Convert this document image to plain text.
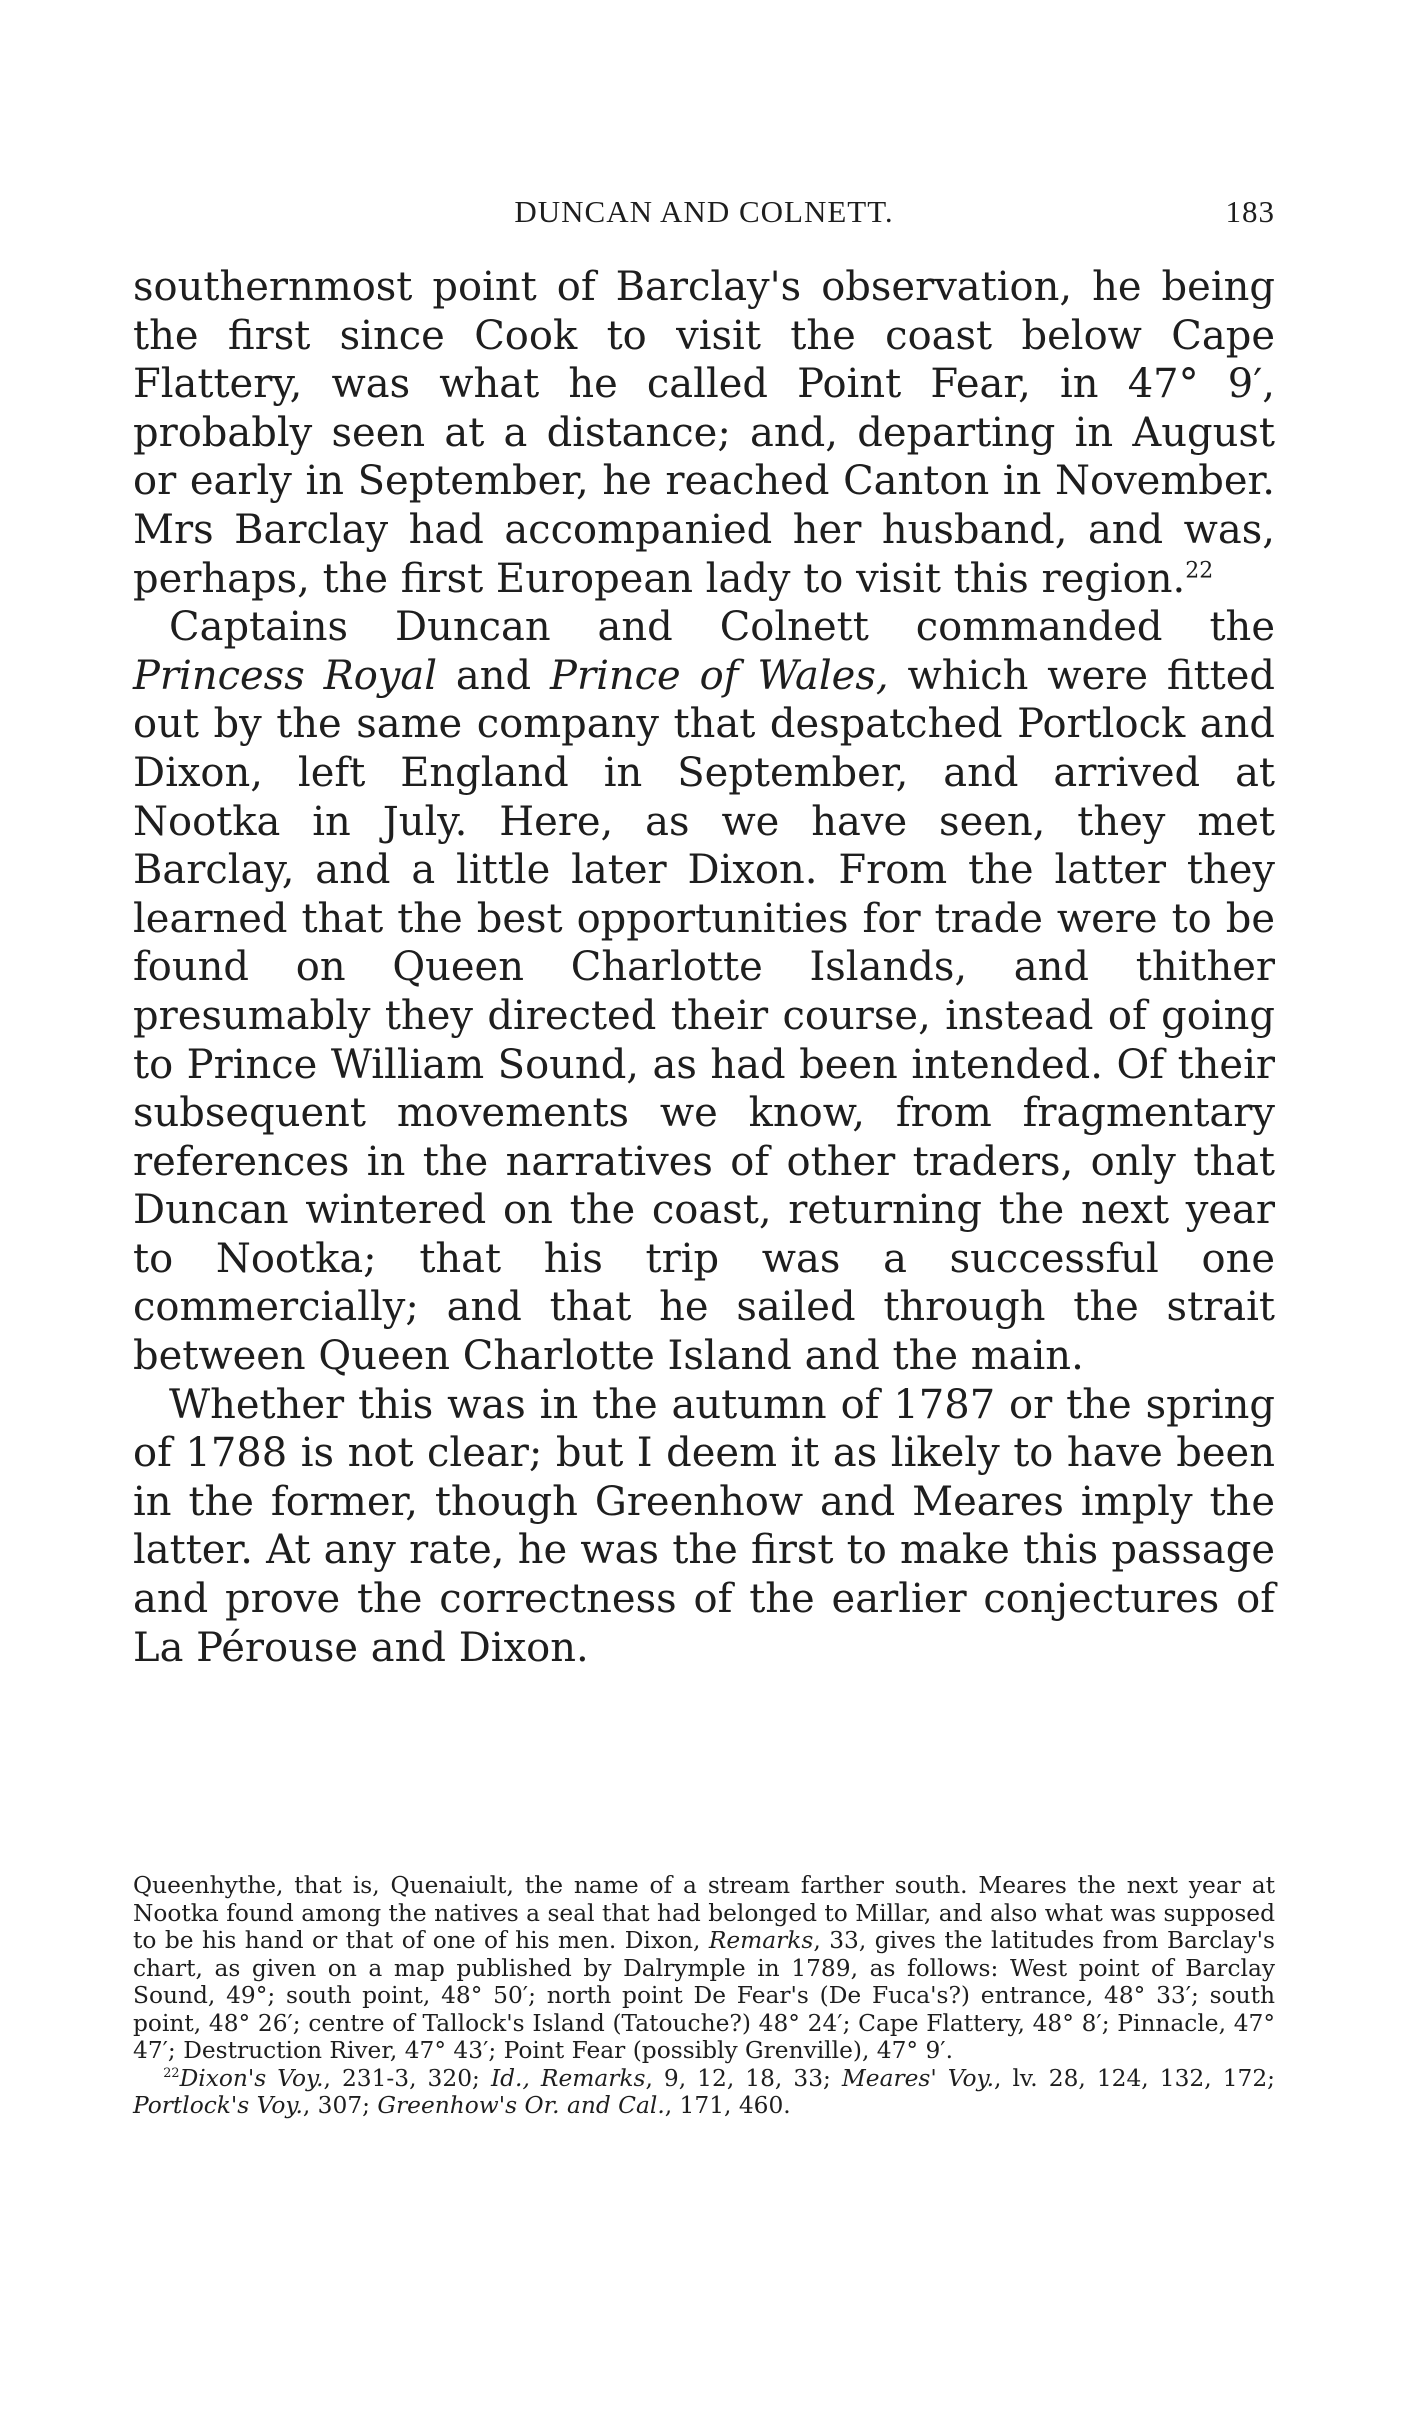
DUNCAN AND COLNETT.	183

southernmost point of Barclay's observation, he being the first since Cook to visit the coast below Cape Flattery, was what he called Point Fear, in 47° 9′, probably seen at a distance; and, departing in August or early in September, he reached Canton in November. Mrs Barclay had accompanied her husband, and was, perhaps, the first European lady to visit this region.$^{22}$

Captains Duncan and Colnett commanded the Princess Royal and Prince of Wales, which were fitted out by the same company that despatched Portlock and Dixon, left England in September, and arrived at Nootka in July. Here, as we have seen, they met Barclay, and a little later Dixon. From the latter they learned that the best opportunities for trade were to be found on Queen Charlotte Islands, and thither presumably they directed their course, instead of going to Prince William Sound, as had been intended. Of their subsequent movements we know, from fragmentary references in the narratives of other traders, only that Duncan wintered on the coast, returning the next year to Nootka; that his trip was a successful one commercially; and that he sailed through the strait between Queen Charlotte Island and the main.

Whether this was in the autumn of 1787 or the spring of 1788 is not clear; but I deem it as likely to have been in the former, though Greenhow and Meares imply the latter. At any rate, he was the first to make this passage and prove the correctness of the earlier conjectures of La Pérouse and Dixon.

Queenhythe, that is, Quenaiult, the name of a stream farther south. Meares the next year at Nootka found among the natives a seal that had belonged to Millar, and also what was supposed to be his hand or that of one of his men. Dixon, Remarks, 33, gives the latitudes from Barclay's chart, as given on a map published by Dalrymple in 1789, as follows: West point of Barclay Sound, 49°; south point, 48° 50′; north point De Fear's (De Fuca's?) entrance, 48° 33′; south point, 48° 26′; centre of Tallock's Island (Tatouche?) 48° 24′; Cape Flattery, 48° 8′; Pinnacle, 47° 47′; Destruction River, 47° 43′; Point Fear (possibly Grenville), 47° 9′.

$^{22}$Dixon's Voy., 231-3, 320; Id., Remarks, 9, 12, 18, 33; Meares' Voy., lv. 28, 124, 132, 172; Portlock's Voy., 307; Greenhow's Or. and Cal., 171, 460.
